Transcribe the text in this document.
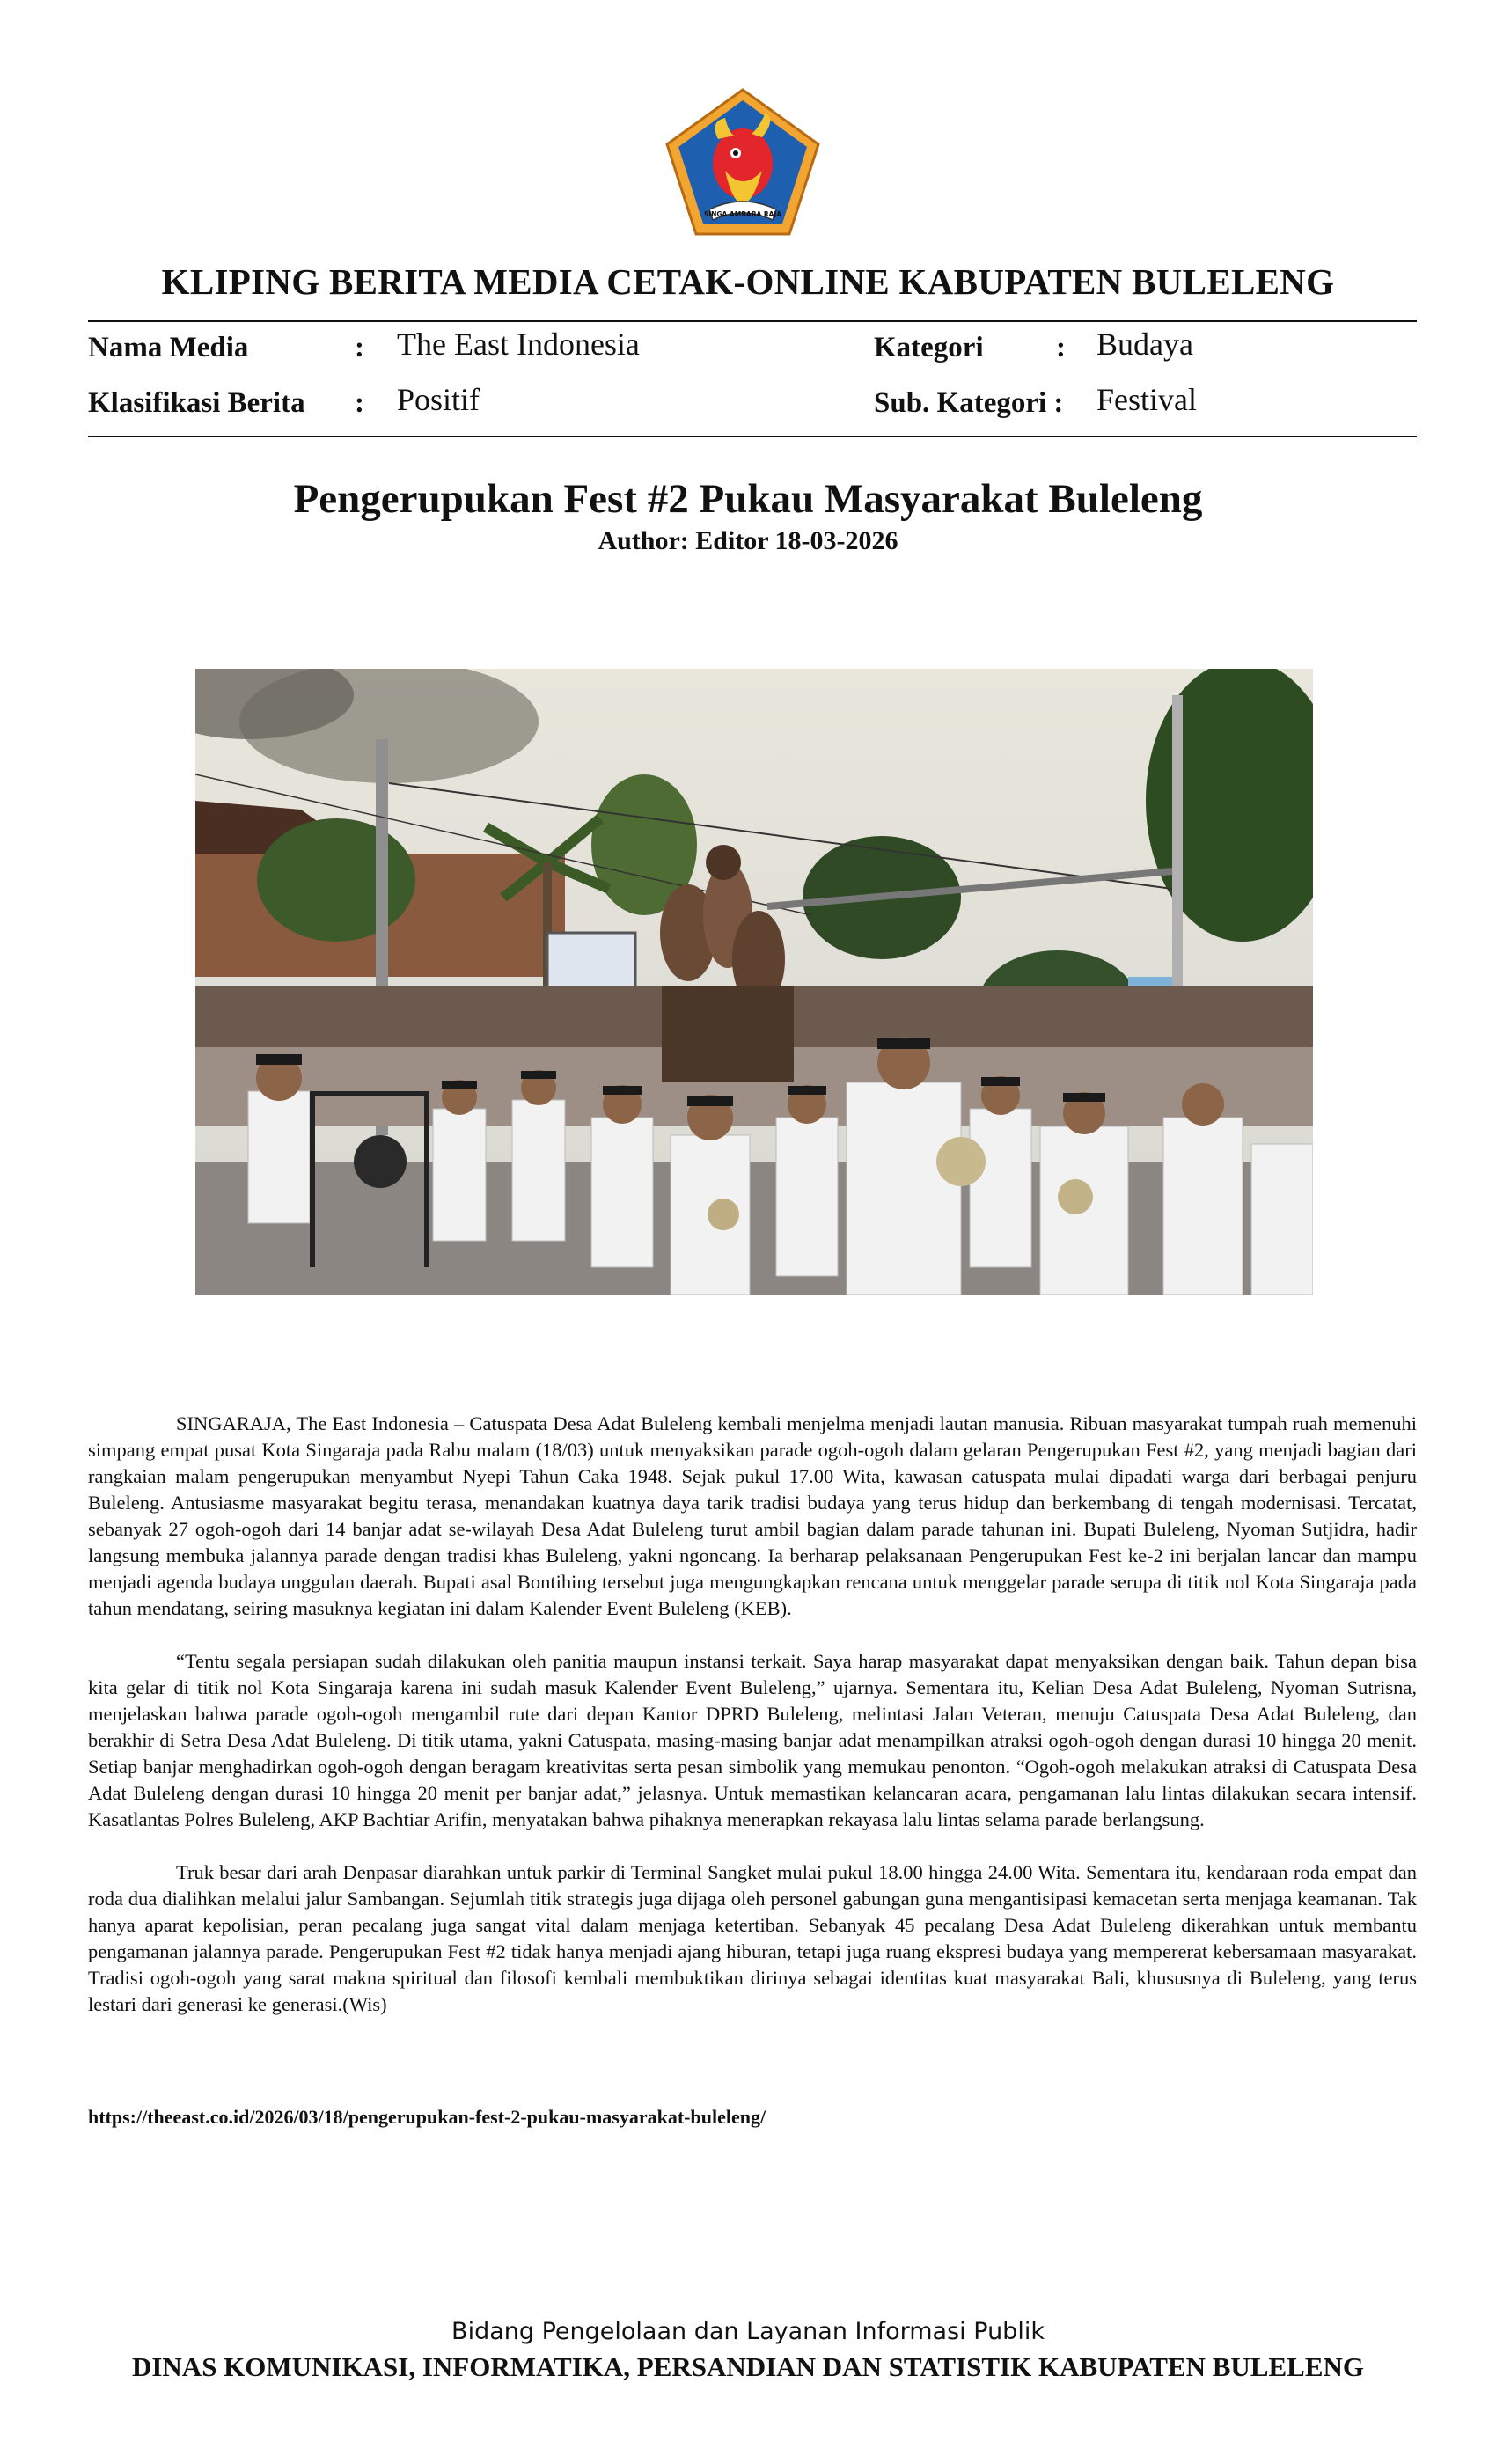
SINGA AMBARA RAJA
KLIPING BERITA MEDIA CETAK-ONLINE KABUPATEN BULELENG
Nama Media	: The East Indonesia	Kategori : Budaya
Klasifikasi Berita : Positif	Sub. Kategori : Festival
Pengerupukan Fest #2 Pukau Masyarakat Buleleng
Author: Editor 18-03-2026

SINGARAJA, The East Indonesia – Catuspata Desa Adat Buleleng kembali menjelma menjadi lautan manusia. Ribuan masyarakat tumpah ruah memenuhi simpang empat pusat Kota Singaraja pada Rabu malam (18/03) untuk menyaksikan parade ogoh-ogoh dalam gelaran Pengerupukan Fest #2, yang menjadi bagian dari rangkaian malam pengerupukan menyambut Nyepi Tahun Caka 1948. Sejak pukul 17.00 Wita, kawasan catuspata mulai dipadati warga dari berbagai penjuru Buleleng. Antusiasme masyarakat begitu terasa, menandakan kuatnya daya tarik tradisi budaya yang terus hidup dan berkembang di tengah modernisasi. Tercatat, sebanyak 27 ogoh-ogoh dari 14 banjar adat se-wilayah Desa Adat Buleleng turut ambil bagian dalam parade tahunan ini. Bupati Buleleng, Nyoman Sutjidra, hadir langsung membuka jalannya parade dengan tradisi khas Buleleng, yakni ngoncang. Ia berharap pelaksanaan Pengerupukan Fest ke-2 ini berjalan lancar dan mampu menjadi agenda budaya unggulan daerah. Bupati asal Bontihing tersebut juga mengungkapkan rencana untuk menggelar parade serupa di titik nol Kota Singaraja pada tahun mendatang, seiring masuknya kegiatan ini dalam Kalender Event Buleleng (KEB).

“Tentu segala persiapan sudah dilakukan oleh panitia maupun instansi terkait. Saya harap masyarakat dapat menyaksikan dengan baik. Tahun depan bisa kita gelar di titik nol Kota Singaraja karena ini sudah masuk Kalender Event Buleleng,” ujarnya. Sementara itu, Kelian Desa Adat Buleleng, Nyoman Sutrisna, menjelaskan bahwa parade ogoh-ogoh mengambil rute dari depan Kantor DPRD Buleleng, melintasi Jalan Veteran, menuju Catuspata Desa Adat Buleleng, dan berakhir di Setra Desa Adat Buleleng. Di titik utama, yakni Catuspata, masing-masing banjar adat menampilkan atraksi ogoh-ogoh dengan durasi 10 hingga 20 menit. Setiap banjar menghadirkan ogoh-ogoh dengan beragam kreativitas serta pesan simbolik yang memukau penonton. “Ogoh-ogoh melakukan atraksi di Catuspata Desa Adat Buleleng dengan durasi 10 hingga 20 menit per banjar adat,” jelasnya. Untuk memastikan kelancaran acara, pengamanan lalu lintas dilakukan secara intensif. Kasatlantas Polres Buleleng, AKP Bachtiar Arifin, menyatakan bahwa pihaknya menerapkan rekayasa lalu lintas selama parade berlangsung.

Truk besar dari arah Denpasar diarahkan untuk parkir di Terminal Sangket mulai pukul 18.00 hingga 24.00 Wita. Sementara itu, kendaraan roda empat dan roda dua dialihkan melalui jalur Sambangan. Sejumlah titik strategis juga dijaga oleh personel gabungan guna mengantisipasi kemacetan serta menjaga keamanan. Tak hanya aparat kepolisian, peran pecalang juga sangat vital dalam menjaga ketertiban. Sebanyak 45 pecalang Desa Adat Buleleng dikerahkan untuk membantu pengamanan jalannya parade. Pengerupukan Fest #2 tidak hanya menjadi ajang hiburan, tetapi juga ruang ekspresi budaya yang mempererat kebersamaan masyarakat. Tradisi ogoh-ogoh yang sarat makna spiritual dan filosofi kembali membuktikan dirinya sebagai identitas kuat masyarakat Bali, khususnya di Buleleng, yang terus lestari dari generasi ke generasi.(Wis)

https://theeast.co.id/2026/03/18/pengerupukan-fest-2-pukau-masyarakat-buleleng/
Bidang Pengelolaan dan Layanan Informasi Publik
DINAS KOMUNIKASI, INFORMATIKA, PERSANDIAN DAN STATISTIK KABUPATEN BULELENG
